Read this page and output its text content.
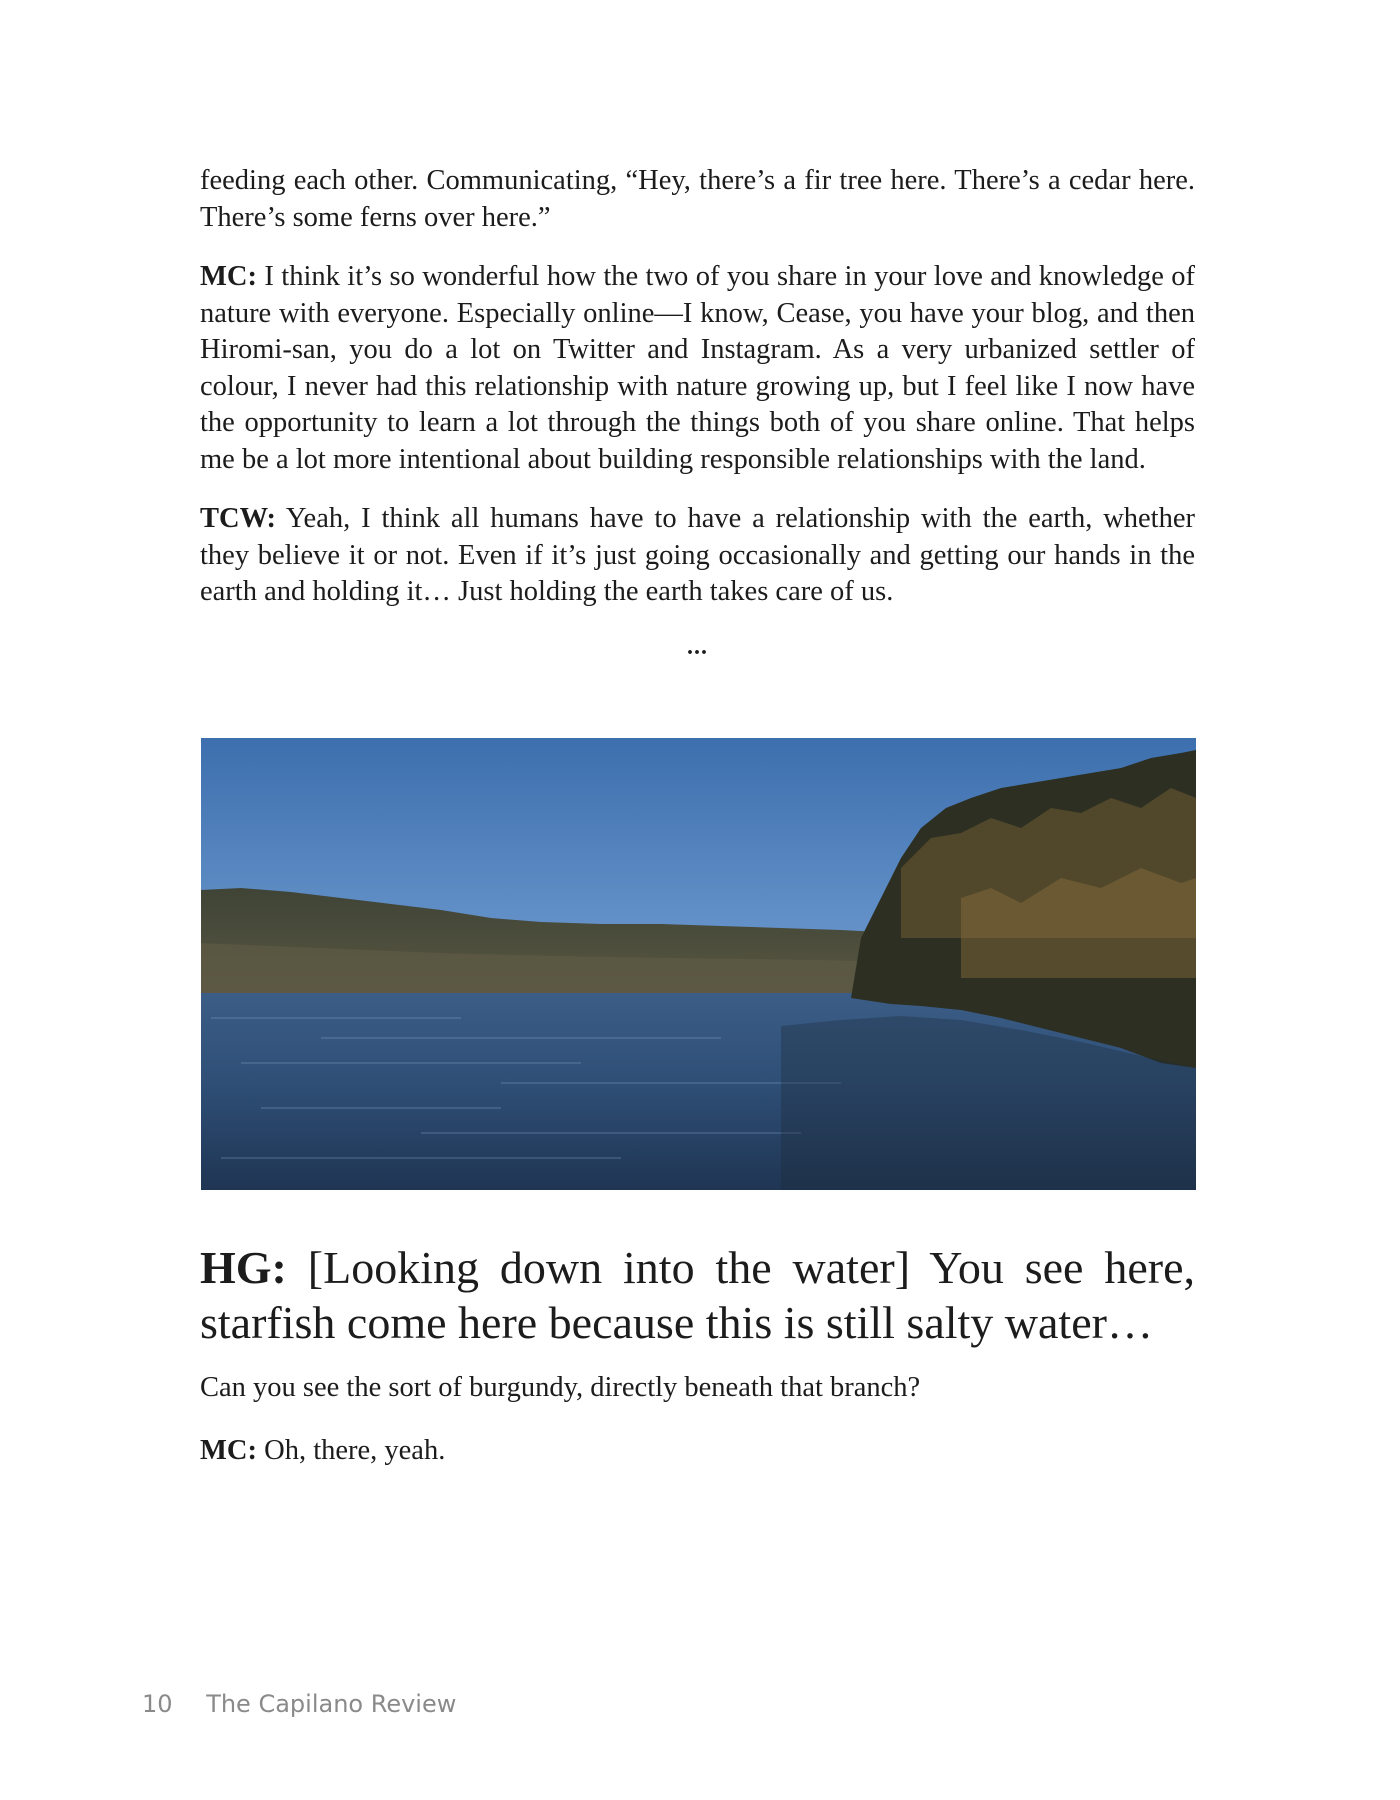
feeding each other. Communicating, “Hey, there’s a fir tree here. There’s a cedar here. There’s some ferns over here.”

MC: I think it’s so wonderful how the two of you share in your love and knowledge of nature with everyone. Especially online—I know, Cease, you have your blog, and then Hiromi-san, you do a lot on Twitter and Instagram. As a very urbanized settler of colour, I never had this relationship with nature growing up, but I feel like I now have the opportunity to learn a lot through the things both of you share online. That helps me be a lot more intentional about building responsible relationships with the land.

TCW: Yeah, I think all humans have to have a relationship with the earth, whether they believe it or not. Even if it’s just going occasionally and getting our hands in the earth and holding it… Just holding the earth takes care of us.

...

HG: [Looking down into the water] You see here, starfish come here because this is still salty water…

Can you see the sort of burgundy, directly beneath that branch?

MC: Oh, there, yeah.

10 The Capilano Review
